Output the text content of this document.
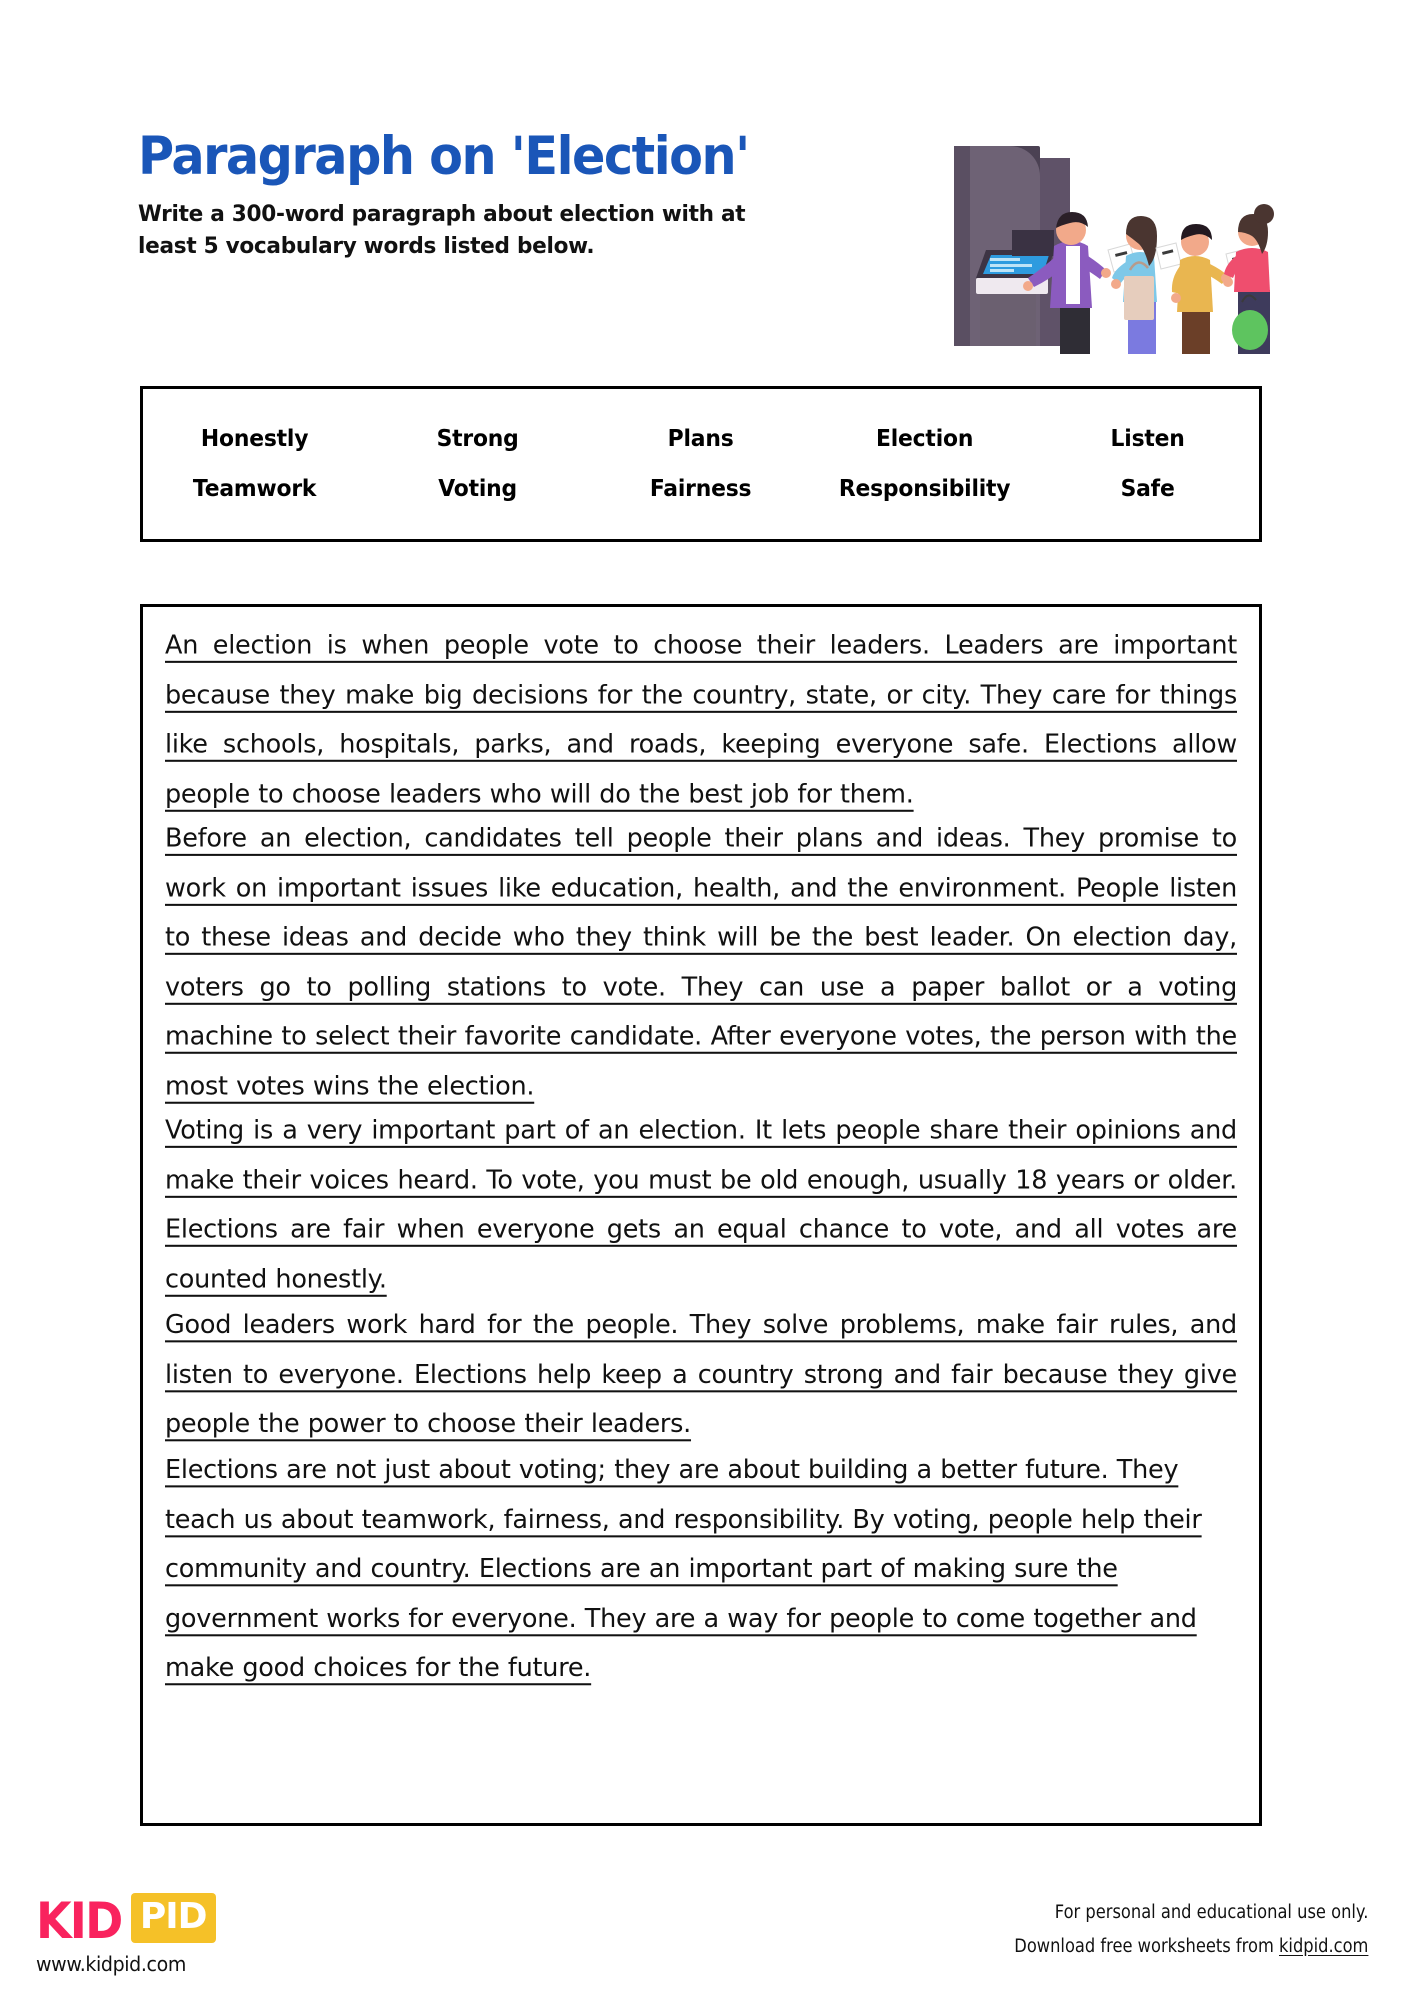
Paragraph on 'Election'
Write a 300-word paragraph about election with at least 5 vocabulary words listed below.
Honestly	Strong	Plans	Election	Listen
Teamwork	Voting	Fairness	Responsibility	Safe

An election is when people vote to choose their leaders. Leaders are important because they make big decisions for the country, state, or city. They care for things like schools, hospitals, parks, and roads, keeping everyone safe. Elections allow people to choose leaders who will do the best job for them.

Before an election, candidates tell people their plans and ideas. They promise to work on important issues like education, health, and the environment. People listen to these ideas and decide who they think will be the best leader. On election day, voters go to polling stations to vote. They can use a paper ballot or a voting machine to select their favorite candidate. After everyone votes, the person with the most votes wins the election.

Voting is a very important part of an election. It lets people share their opinions and make their voices heard. To vote, you must be old enough, usually 18 years or older. Elections are fair when everyone gets an equal chance to vote, and all votes are counted honestly.

Good leaders work hard for the people. They solve problems, make fair rules, and listen to everyone. Elections help keep a country strong and fair because they give people the power to choose their leaders.

Elections are not just about voting; they are about building a better future. They teach us about teamwork, fairness, and responsibility. By voting, people help their community and country. Elections are an important part of making sure the government works for everyone. They are a way for people to come together and make good choices for the future.

KID PID
www.kidpid.com
For personal and educational use only.
Download free worksheets from kidpid.com
